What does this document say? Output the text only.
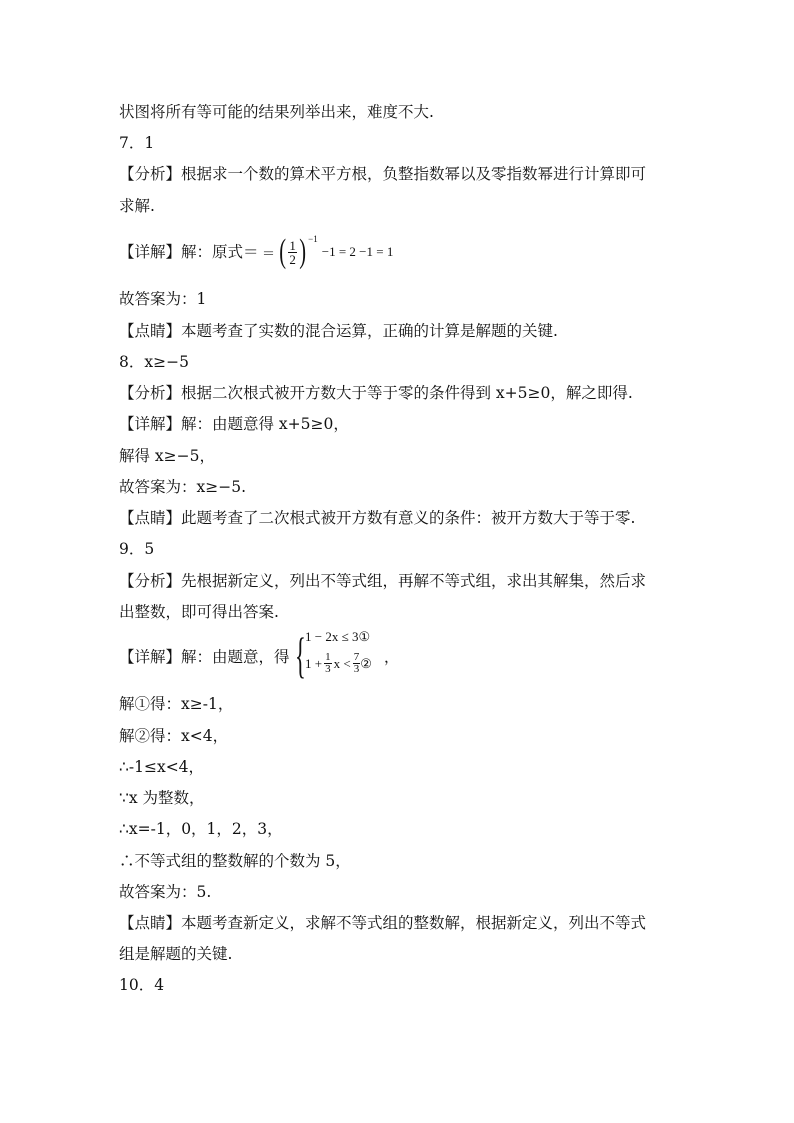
状图将所有等可能的结果列举出来，难度不大.
7．1
【分析】根据求一个数的算术平方根，负整指数幂以及零指数幂进行计算即可
求解.
【详解】解：原式＝ ＝ ( $\frac{1}{2}$ ) −1
−1 = 2 −1 = 1
故答案为：1
【点睛】本题考查了实数的混合运算，正确的计算是解题的关键.
8．x≥−5
【分析】根据二次根式被开方数大于等于零的条件得到 x+5≥0，解之即得.
【详解】解：由题意得 x+5≥0，
解得 x≥−5，
故答案为：x≥−5.
【点睛】此题考查了二次根式被开方数有意义的条件：被开方数大于等于零.
9．5
【分析】先根据新定义，列出不等式组，再解不等式组，求出其解集，然后求
出整数，即可得出答案.
【详解】解：由题意，得 { 1 − 2x ≤ 3①
$1 + \frac{1}{3}$ $x < \frac{7}{3}$ ② ，
解①得：x≥-1，
解②得：x<4，
∴-1≤x<4，
∵x 为整数，
∴x=-1，0，1，2，3，
∴不等式组的整数解的个数为 5，
故答案为：5.
【点睛】本题考查新定义，求解不等式组的整数解，根据新定义，列出不等式
组是解题的关键.
10．4
